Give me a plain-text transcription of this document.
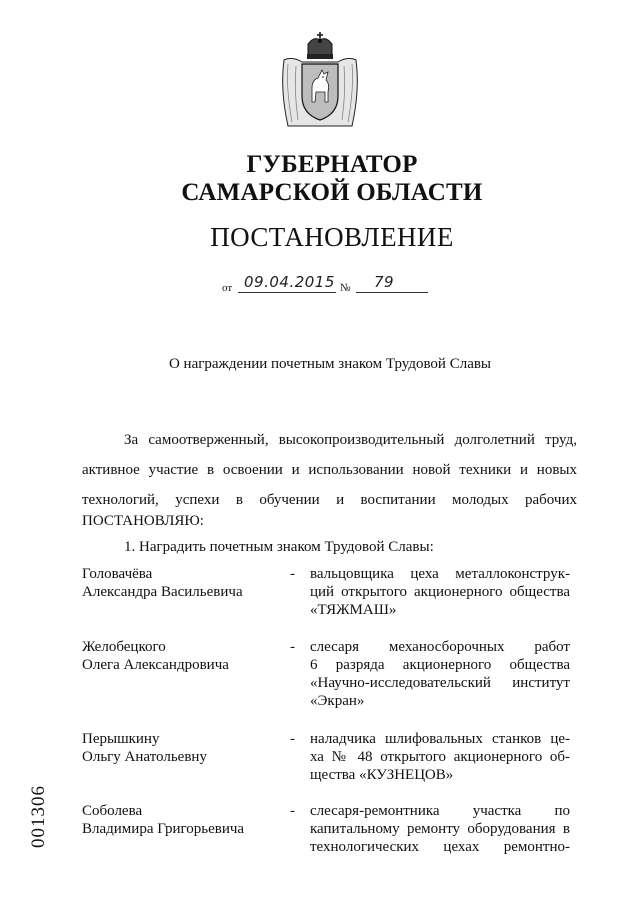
ГУБЕРНАТОР
САМАРСКОЙ ОБЛАСТИ
ПОСТАНОВЛЕНИЕ
от 09.04.2015 № 79
О награждении почетным знаком Трудовой Славы
За самоотверженный, высокопроизводительный долголетний труд,
активное участие в освоении и использовании новой техники и новых
технологий, успехи в обучении и воспитании молодых рабочих
ПОСТАНОВЛЯЮ:
1. Наградить почетным знаком Трудовой Славы:
Головачёва
Александра Васильевича
- вальцовщика цеха металлоконструк-
ций открытого акционерного общества
«ТЯЖМАШ»
Желобецкого
Олега Александровича
- слесаря механосборочных работ
6 разряда акционерного общества
«Научно-исследовательский институт
«Экран»
Перышкину
Ольгу Анатольевну
- наладчика шлифовальных станков це-
ха № 48 открытого акционерного об-
щества «КУЗНЕЦОВ»
Соболева
Владимира Григорьевича
- слесаря-ремонтника участка по
капитальному ремонту оборудования в
технологических цехах ремонтно-
001306
